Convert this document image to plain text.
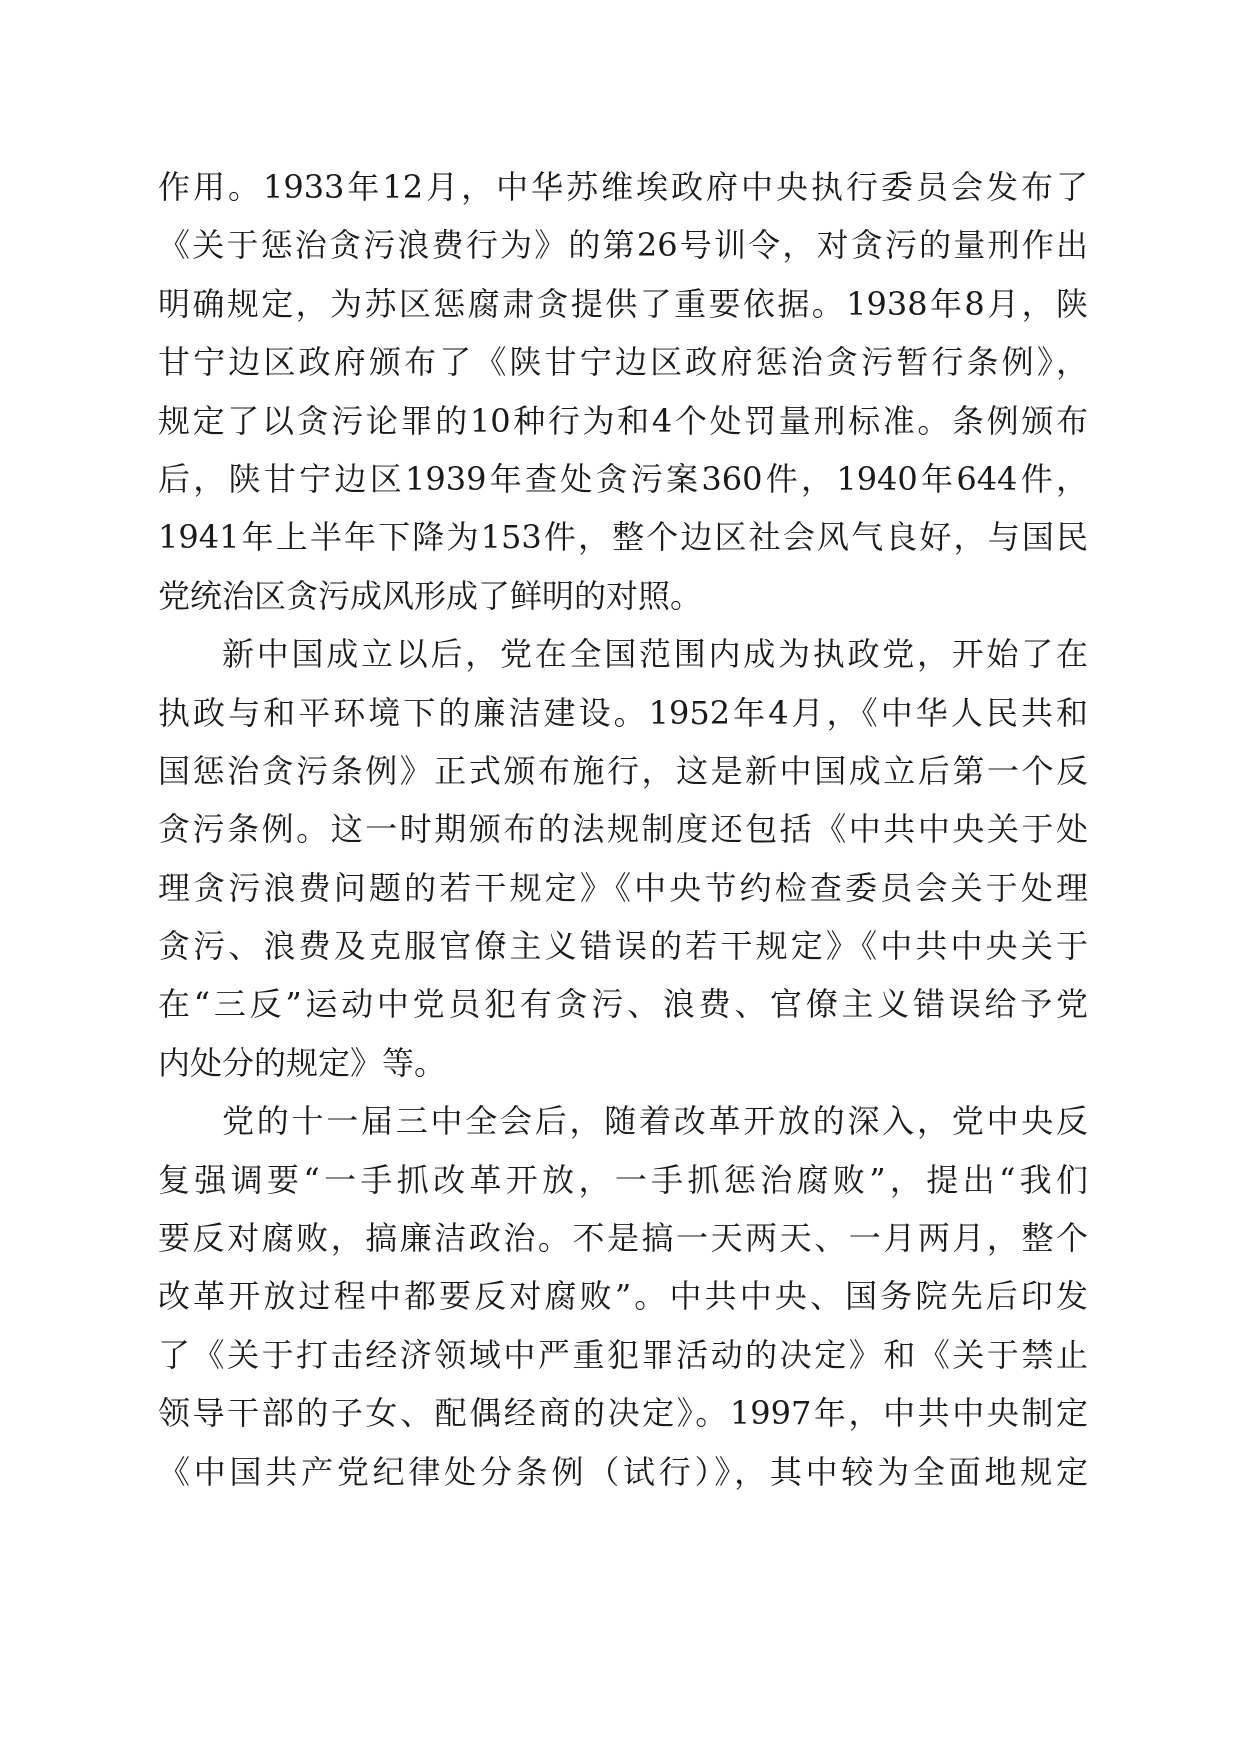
作用。1933年12月，中华苏维埃政府中央执行委员会发布了
《关于惩治贪污浪费行为》的第26号训令，对贪污的量刑作出
明确规定，为苏区惩腐肃贪提供了重要依据。1938年8月，陕
甘宁边区政府颁布了《陕甘宁边区政府惩治贪污暂行条例》，
规定了以贪污论罪的10种行为和4个处罚量刑标准。条例颁布
后，陕甘宁边区1939年查处贪污案360件，1940年644件，
1941年上半年下降为153件，整个边区社会风气良好，与国民
党统治区贪污成风形成了鲜明的对照。
新中国成立以后，党在全国范围内成为执政党，开始了在
执政与和平环境下的廉洁建设。1952年4月，《中华人民共和
国惩治贪污条例》正式颁布施行，这是新中国成立后第一个反
贪污条例。这一时期颁布的法规制度还包括《中共中央关于处
理贪污浪费问题的若干规定》《中央节约检查委员会关于处理
贪污、浪费及克服官僚主义错误的若干规定》《中共中央关于
在“三反”运动中党员犯有贪污、浪费、官僚主义错误给予党
内处分的规定》等。
党的十一届三中全会后，随着改革开放的深入，党中央反
复强调要“一手抓改革开放，一手抓惩治腐败”，提出“我们
要反对腐败，搞廉洁政治。不是搞一天两天、一月两月，整个
改革开放过程中都要反对腐败”。中共中央、国务院先后印发
了《关于打击经济领域中严重犯罪活动的决定》和《关于禁止
领导干部的子女、配偶经商的决定》。1997年，中共中央制定
《中国共产党纪律处分条例（试行）》，其中较为全面地规定
